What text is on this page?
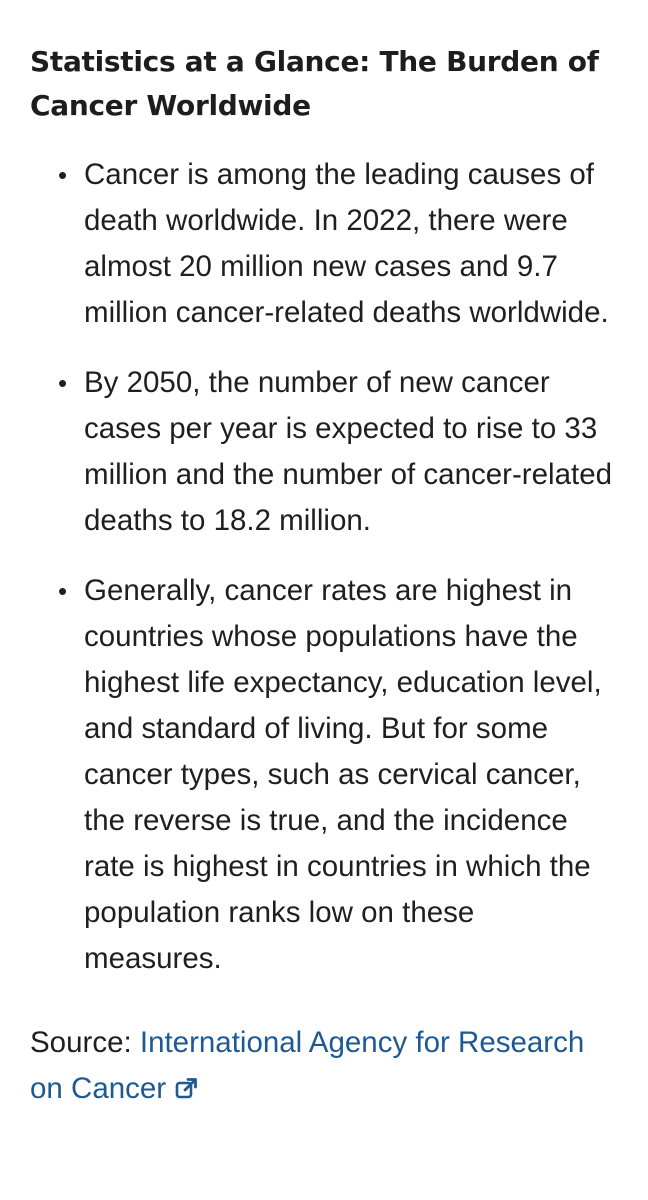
Statistics at a Glance: The Burden of Cancer Worldwide
• Cancer is among the leading causes of death worldwide. In 2022, there were almost 20 million new cases and 9.7 million cancer-related deaths worldwide.
• By 2050, the number of new cancer cases per year is expected to rise to 33 million and the number of cancer-related deaths to 18.2 million.
• Generally, cancer rates are highest in countries whose populations have the highest life expectancy, education level, and standard of living. But for some cancer types, such as cervical cancer, the reverse is true, and the incidence rate is highest in countries in which the population ranks low on these measures.

Source: International Agency for Research on Cancer
